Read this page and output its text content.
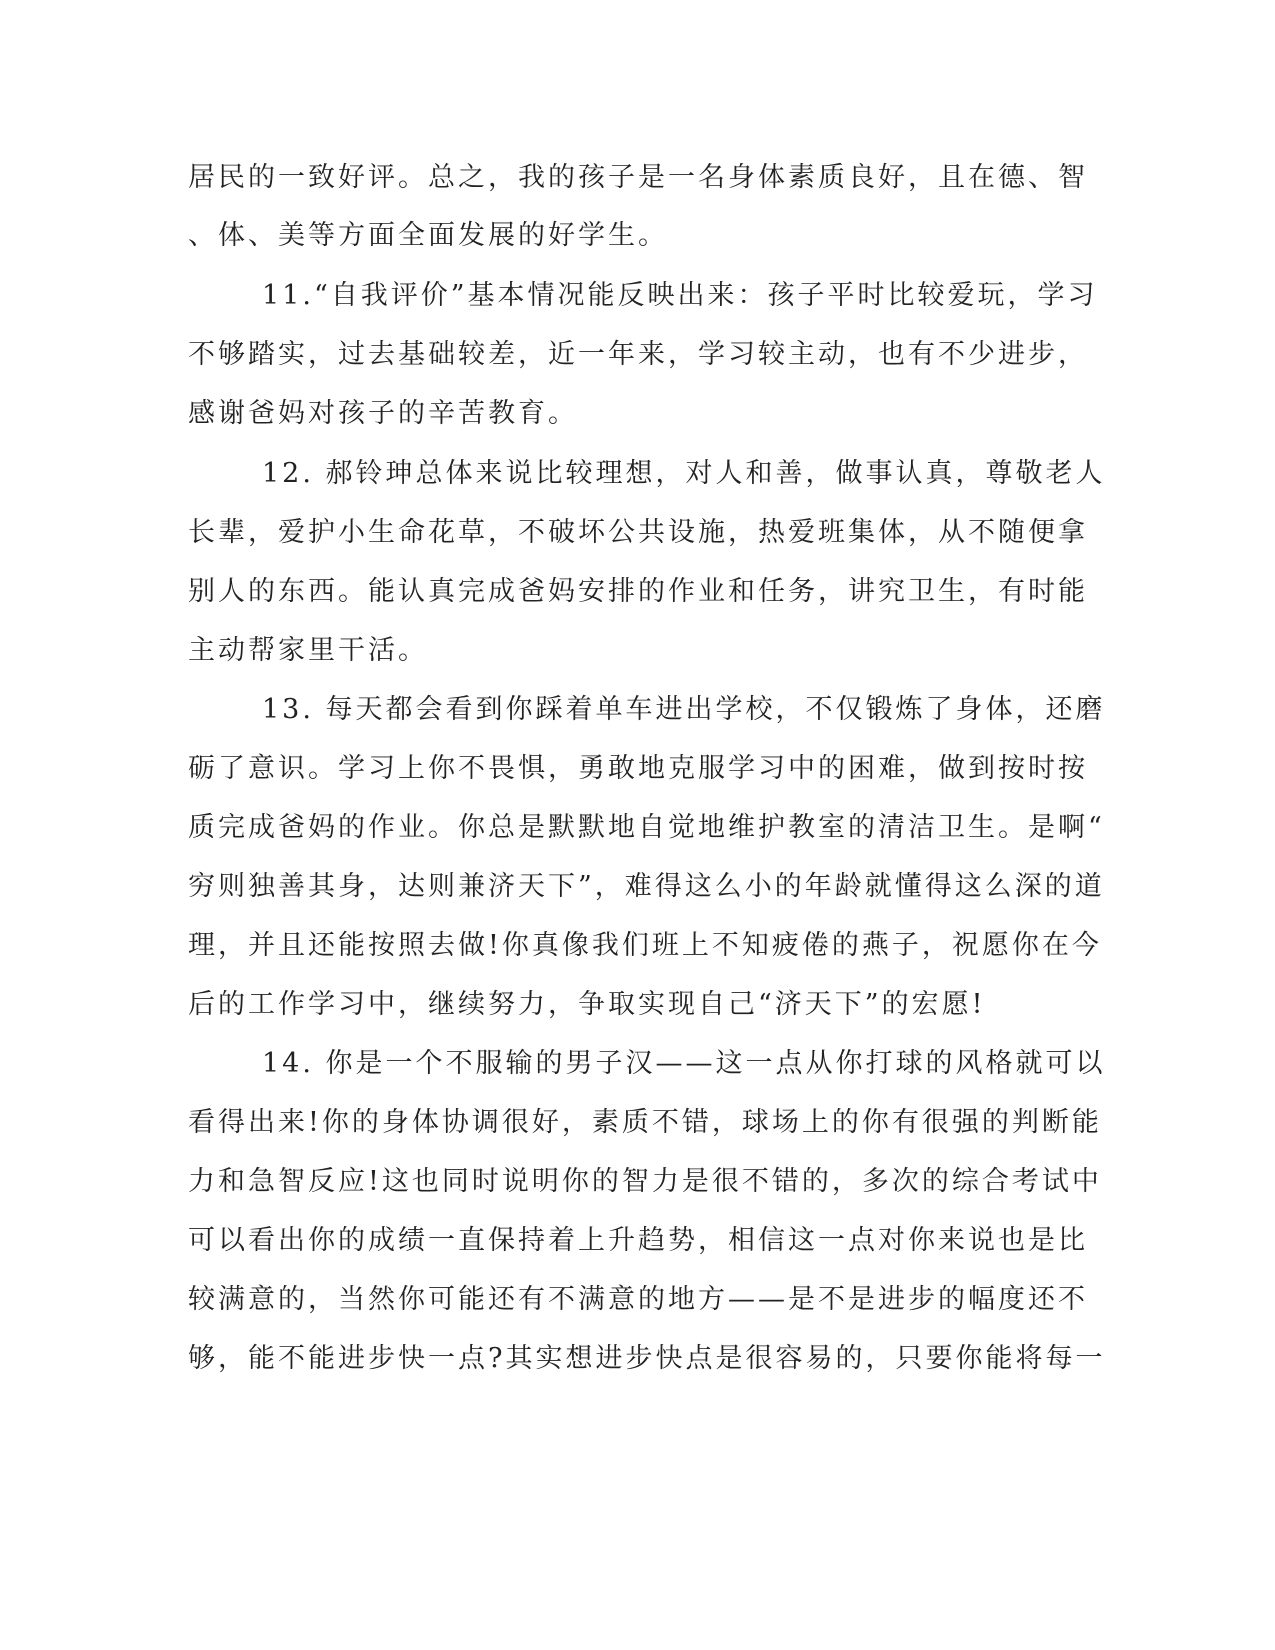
居民的一致好评。总之，我的孩子是一名身体素质良好，且在德、智
、体、美等方面全面发展的好学生。
11.“自我评价”基本情况能反映出来：孩子平时比较爱玩，学习
不够踏实，过去基础较差，近一年来，学习较主动，也有不少进步，
感谢爸妈对孩子的辛苦教育。
12. 郝铃珅总体来说比较理想，对人和善，做事认真，尊敬老人
长辈，爱护小生命花草，不破坏公共设施，热爱班集体，从不随便拿
别人的东西。能认真完成爸妈安排的作业和任务，讲究卫生，有时能
主动帮家里干活。
13. 每天都会看到你踩着单车进出学校，不仅锻炼了身体，还磨
砺了意识。学习上你不畏惧，勇敢地克服学习中的困难，做到按时按
质完成爸妈的作业。你总是默默地自觉地维护教室的清洁卫生。是啊“
穷则独善其身，达则兼济天下”，难得这么小的年龄就懂得这么深的道
理，并且还能按照去做!你真像我们班上不知疲倦的燕子，祝愿你在今
后的工作学习中，继续努力，争取实现自己“济天下”的宏愿!
14. 你是一个不服输的男子汉——这一点从你打球的风格就可以
看得出来!你的身体协调很好，素质不错，球场上的你有很强的判断能
力和急智反应!这也同时说明你的智力是很不错的，多次的综合考试中
可以看出你的成绩一直保持着上升趋势，相信这一点对你来说也是比
较满意的，当然你可能还有不满意的地方——是不是进步的幅度还不
够，能不能进步快一点?其实想进步快点是很容易的，只要你能将每一
